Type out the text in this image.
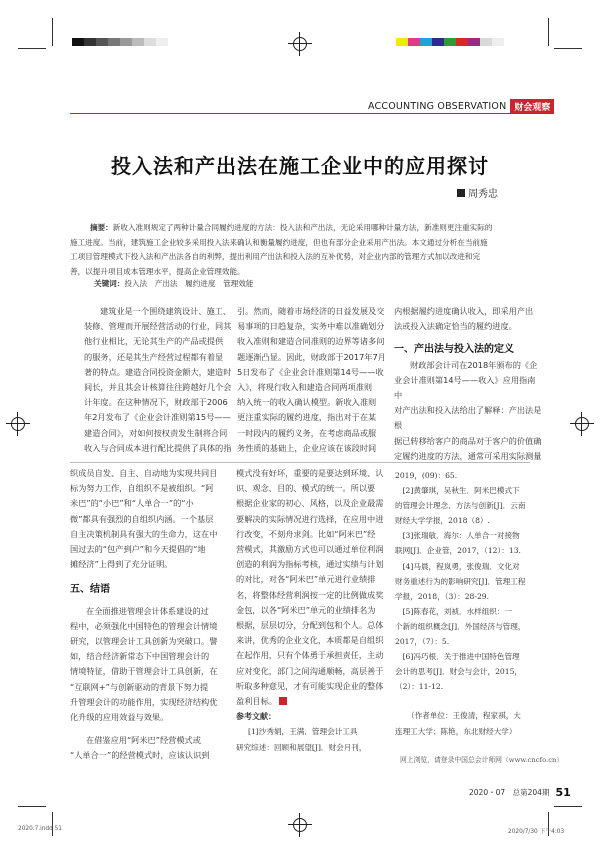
ACCOUNTING OBSERVATION 财会观察
投入法和产出法在施工企业中的应用探讨
周秀忠
摘要：新收入准则规定了两种计量合同履约进度的方法：投入法和产出法，无论采用哪种计量方法，新准则更注重实际的
施工进度。当前，建筑施工企业较多采用投入法来确认和衡量履约进度，但也有部分企业采用产出法。本文通过分析在当前施
工项目管理模式下投入法和产出法各自的利弊，提出利用产出法和投入法的互补优势，对企业内部的管理方式加以改进和完
善，以提升项目成本管理水平，提高企业管理效能。
关键词：投入法　产出法　履约进度　管理效能

建筑业是一个围绕建筑设计、施工、

装修、管理而开展经营活动的行业，同其

他行业相比，无论其生产的产品或提供

的服务，还是其生产经营过程都有着显

著的特点。建造合同投资金额大，建造时

间长，并且其会计核算往往跨越好几个会

计年度。在这种情况下，财政部于2006

年2月发布了《企业会计准则第15号——

建造合同》，对如何按权责发生制将合同

收入与合同成本进行配比提供了具体的指

引。然而，随着市场经济的日益发展及交

易事项的日趋复杂，实务中难以准确划分

收入准则和建造合同准则的边界等诸多问

题逐渐凸显。因此，财政部于2017年7月

5日发布了《企业会计准则第14号——收

入》，将现行收入和建造合同两项准则

纳入统一的收入确认模型。新收入准则

更注重实际的履约进度，指出对于在某

一时段内的履约义务，在考虑商品或服

务性质的基础上，企业应该在该段时间

内根据履约进度确认收入，即采用产出

法或投入法确定恰当的履约进度。

一、产出法与投入法的定义

财政部会计司在2018年颁布的《企

业会计准则第14号——收入》应用指南中

对产出法和投入法给出了解释：产出法是根

据已转移给客户的商品对于客户的价值确

定履约进度的方法，通常可采用实际测量

织成员自发、自主、自动地为实现共同目

标为努力工作，自组织不是被组织。“阿

米巴”的“小巴”和“人单合一”的“小

微”都具有强烈的自组织内涵。一个基层

自主决策机制具有强大的生命力，这在中

国过去的“包产到户”和今天提倡的“地

摊经济”上得到了充分证明。

五、结语

在全面推进管理会计体系建设的过

程中，必须强化中国特色的管理会计情境

研究，以管理会计工具创新为突破口。譬

如，结合经济新常态下中国管理会计的

情境特征，借助于管理会计工具创新，在

“互联网+”与创新驱动的背景下努力提

升管理会计的功能作用，实现经济结构优

化升级的应用效益与效果。

在借鉴应用“阿米巴”经营模式或

“人单合一”的经营模式时，应该认识到

模式没有好坏，重要的是要达到环境、认

识、观念、目的、模式的统一。所以要

根据企业家的初心、风格，以及企业最需

要解决的实际情况进行选择，在应用中进

行改变，不刻舟求剑。比如“阿米巴”经

营模式，其激励方式也可以通过单位利润

创造的利润为指标考核，通过实绩与计划

的对比，对各“阿米巴”单元进行业绩排

名，将整体经营利润按一定的比例做成奖

金包，以各“阿米巴”单元的业绩排名为

根据，层层切分，分配到包和个人。总体

来讲，优秀的企业文化，本质都是自组织

在起作用，只有个体勇于承担责任，主动

应对变化，部门之间沟通顺畅，高层善于

听取多种意见，才有可能实现企业的整体

盈利目标。

参考文献：

[1]沙秀娟，王满．管理会计工具

研究综述：回顾和展望[J]．财会月刊，

2019，(09)：65.

　[2]黄肇琪，吴秋生．阿米巴模式下

的管理会计理念、方法与创新[J]．云南

财经大学学报，2018（8）.

　[3]张瑞敏．海尔：人单合一对接物

联网[J]．企业管，2017，（12）：13.

　[4]马晨，程岚勇，张俊瑞．文化对

财务重述行为的影响研究[J]．管理工程

学报，2018，（3）：28-29.

　[5]陈春花，刘祯．水样组织：一

个新的组织概念[J]．外国经济与管理，

2017，（7）：5.

　[6]冯巧根．关于推进中国特色管理

会计的思考[J]．财会与会计，2015，

（2）：11-12.

（作者单位：王俊清，程家祺，大

连理工大学；陈艳，东北财经大学）

网上浏览，请登录中国总会计师网（www.cncfo.cn）
2020・07　总第204期 51
2020.7.indd 51	2020/7/30 下午4:03
